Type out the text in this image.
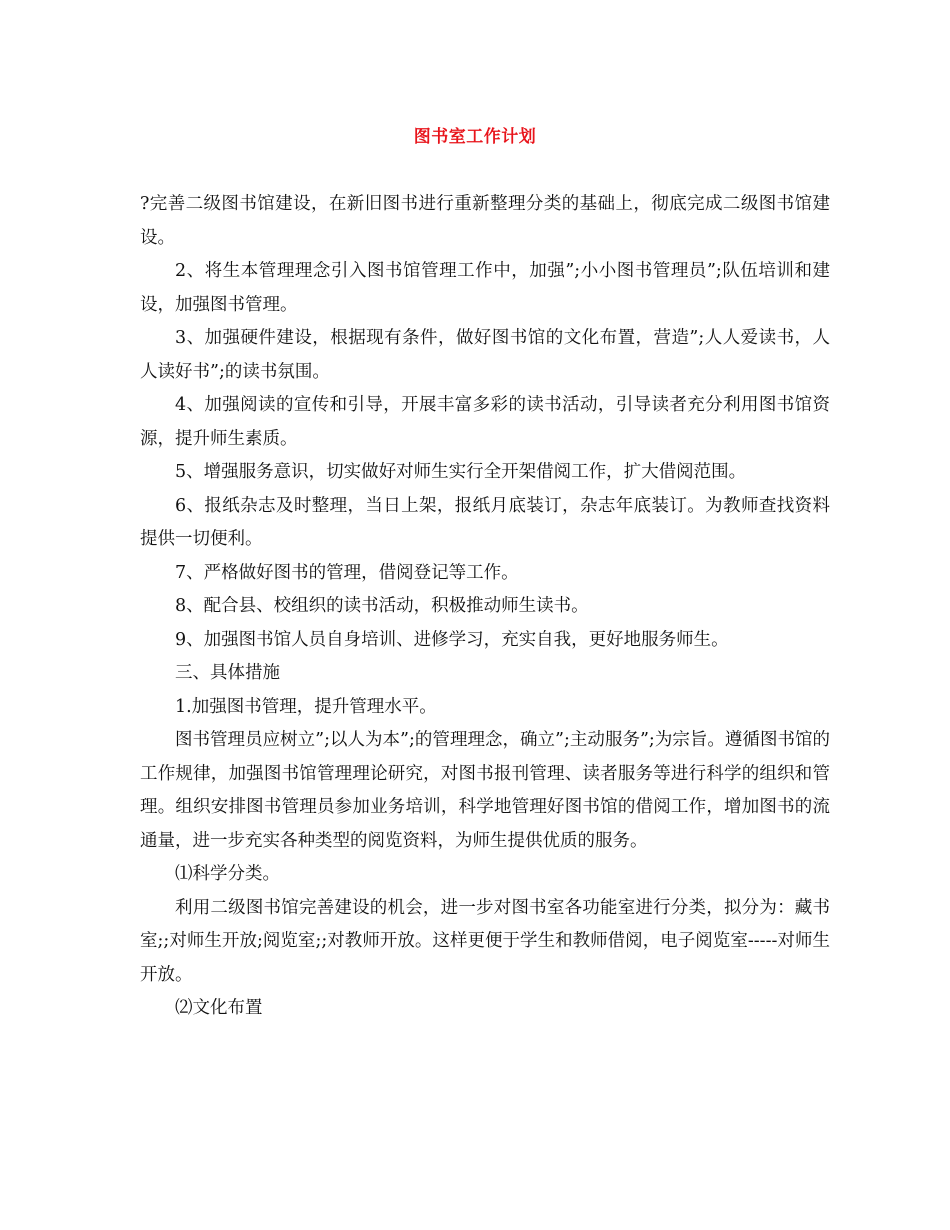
图书室工作计划

?完善二级图书馆建设，在新旧图书进行重新整理分类的基础上，彻底完成二级图书馆建设。

2、将生本管理理念引入图书馆管理工作中，加强”;小小图书管理员”;队伍培训和建设，加强图书管理。

3、加强硬件建设，根据现有条件，做好图书馆的文化布置，营造”;人人爱读书，人人读好书”;的读书氛围。

4、加强阅读的宣传和引导，开展丰富多彩的读书活动，引导读者充分利用图书馆资源，提升师生素质。

5、增强服务意识，切实做好对师生实行全开架借阅工作，扩大借阅范围。

6、报纸杂志及时整理，当日上架，报纸月底装订，杂志年底装订。为教师查找资料提供一切便利。

7、严格做好图书的管理，借阅登记等工作。

8、配合县、校组织的读书活动，积极推动师生读书。

9、加强图书馆人员自身培训、进修学习，充实自我，更好地服务师生。

三、具体措施

1.加强图书管理，提升管理水平。

图书管理员应树立”;以人为本”;的管理理念，确立”;主动服务”;为宗旨。遵循图书馆的工作规律，加强图书馆管理理论研究，对图书报刊管理、读者服务等进行科学的组织和管理。组织安排图书管理员参加业务培训，科学地管理好图书馆的借阅工作，增加图书的流通量，进一步充实各种类型的阅览资料，为师生提供优质的服务。

⑴科学分类。

利用二级图书馆完善建设的机会，进一步对图书室各功能室进行分类，拟分为：藏书室;;对师生开放;阅览室;;对教师开放。这样更便于学生和教师借阅，电子阅览室-----对师生开放。

⑵文化布置
